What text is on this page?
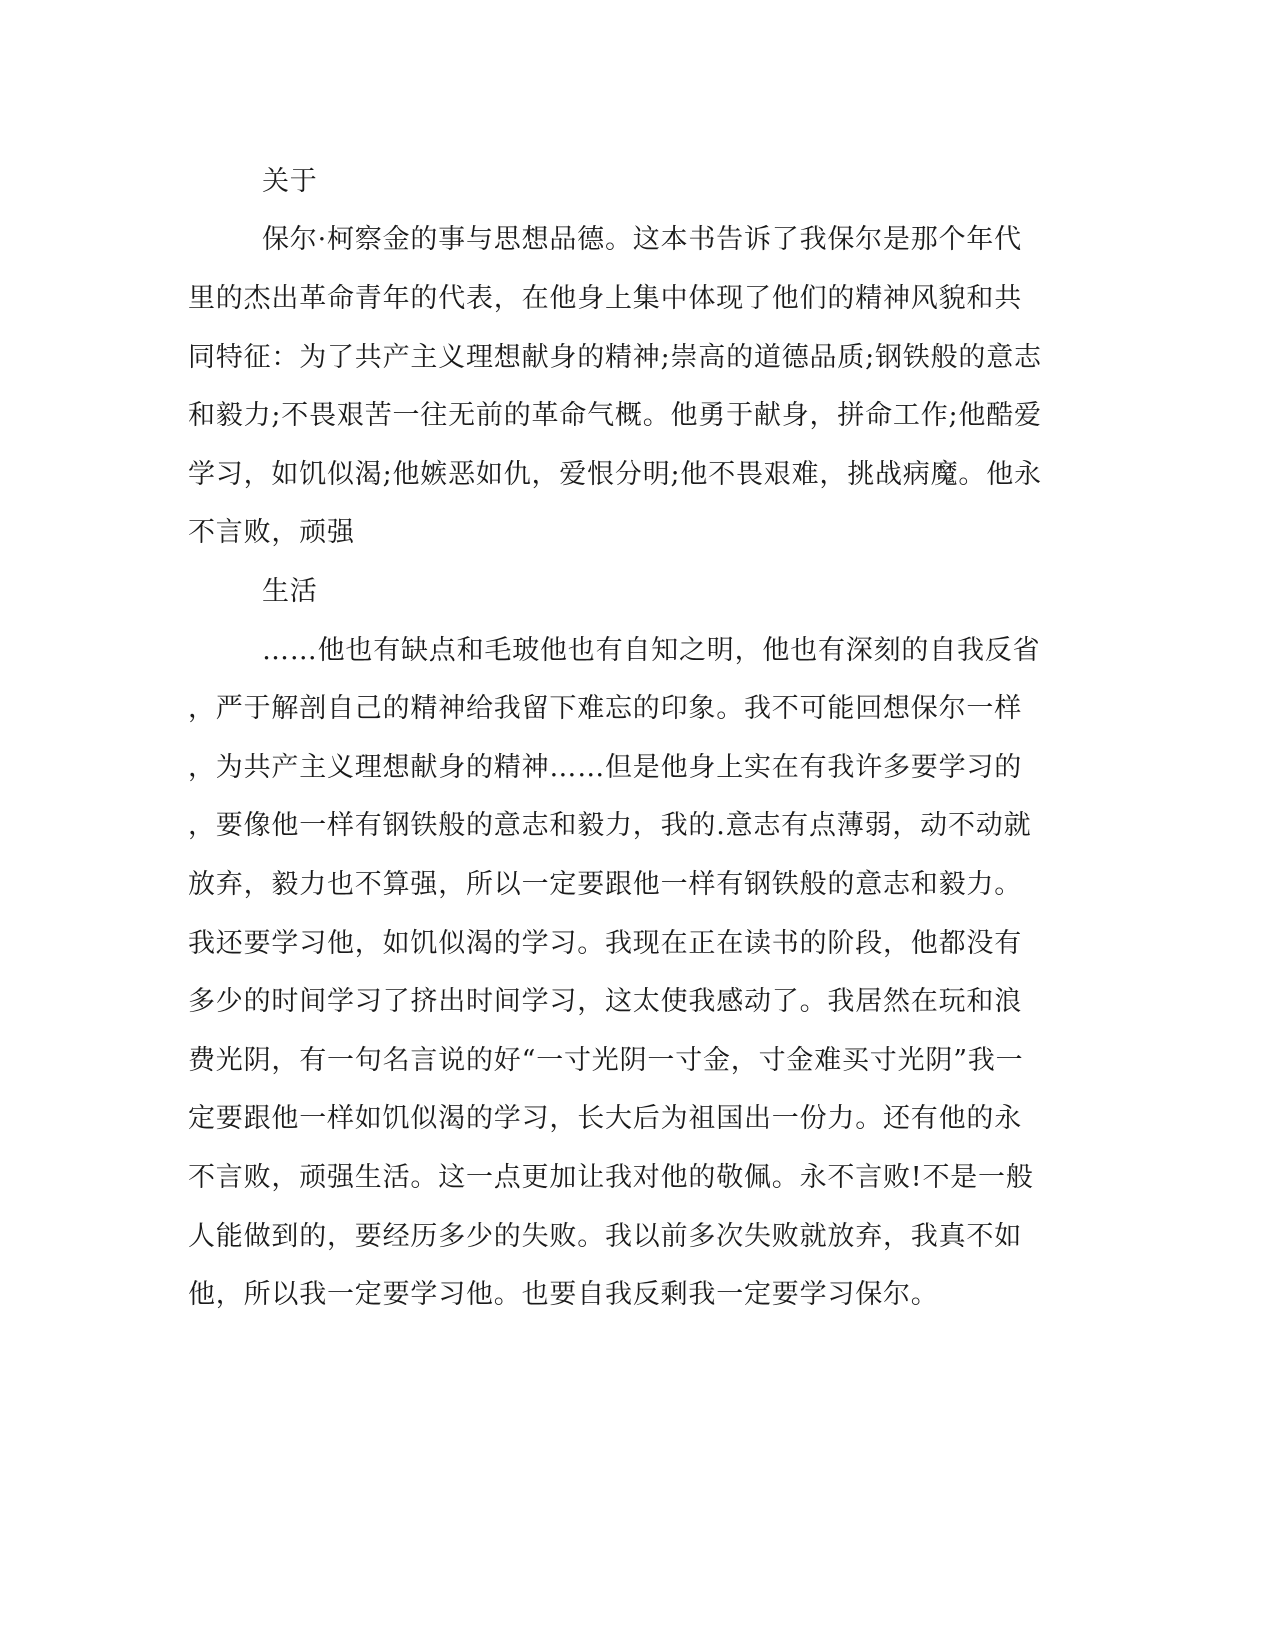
关于
保尔·柯察金的事与思想品德。这本书告诉了我保尔是那个年代
里的杰出革命青年的代表，在他身上集中体现了他们的精神风貌和共
同特征：为了共产主义理想献身的精神;崇高的道德品质;钢铁般的意志
和毅力;不畏艰苦一往无前的革命气概。他勇于献身，拼命工作;他酷爱
学习，如饥似渴;他嫉恶如仇，爱恨分明;他不畏艰难，挑战病魔。他永
不言败，顽强
生活
……他也有缺点和毛玻他也有自知之明，他也有深刻的自我反省
，严于解剖自己的精神给我留下难忘的印象。我不可能回想保尔一样
，为共产主义理想献身的精神……但是他身上实在有我许多要学习的
，要像他一样有钢铁般的意志和毅力，我的.意志有点薄弱，动不动就
放弃，毅力也不算强，所以一定要跟他一样有钢铁般的意志和毅力。
我还要学习他，如饥似渴的学习。我现在正在读书的阶段，他都没有
多少的时间学习了挤出时间学习，这太使我感动了。我居然在玩和浪
费光阴，有一句名言说的好“一寸光阴一寸金，寸金难买寸光阴”我一
定要跟他一样如饥似渴的学习，长大后为祖国出一份力。还有他的永
不言败，顽强生活。这一点更加让我对他的敬佩。永不言败!不是一般
人能做到的，要经历多少的失败。我以前多次失败就放弃，我真不如
他，所以我一定要学习他。也要自我反剩我一定要学习保尔。
